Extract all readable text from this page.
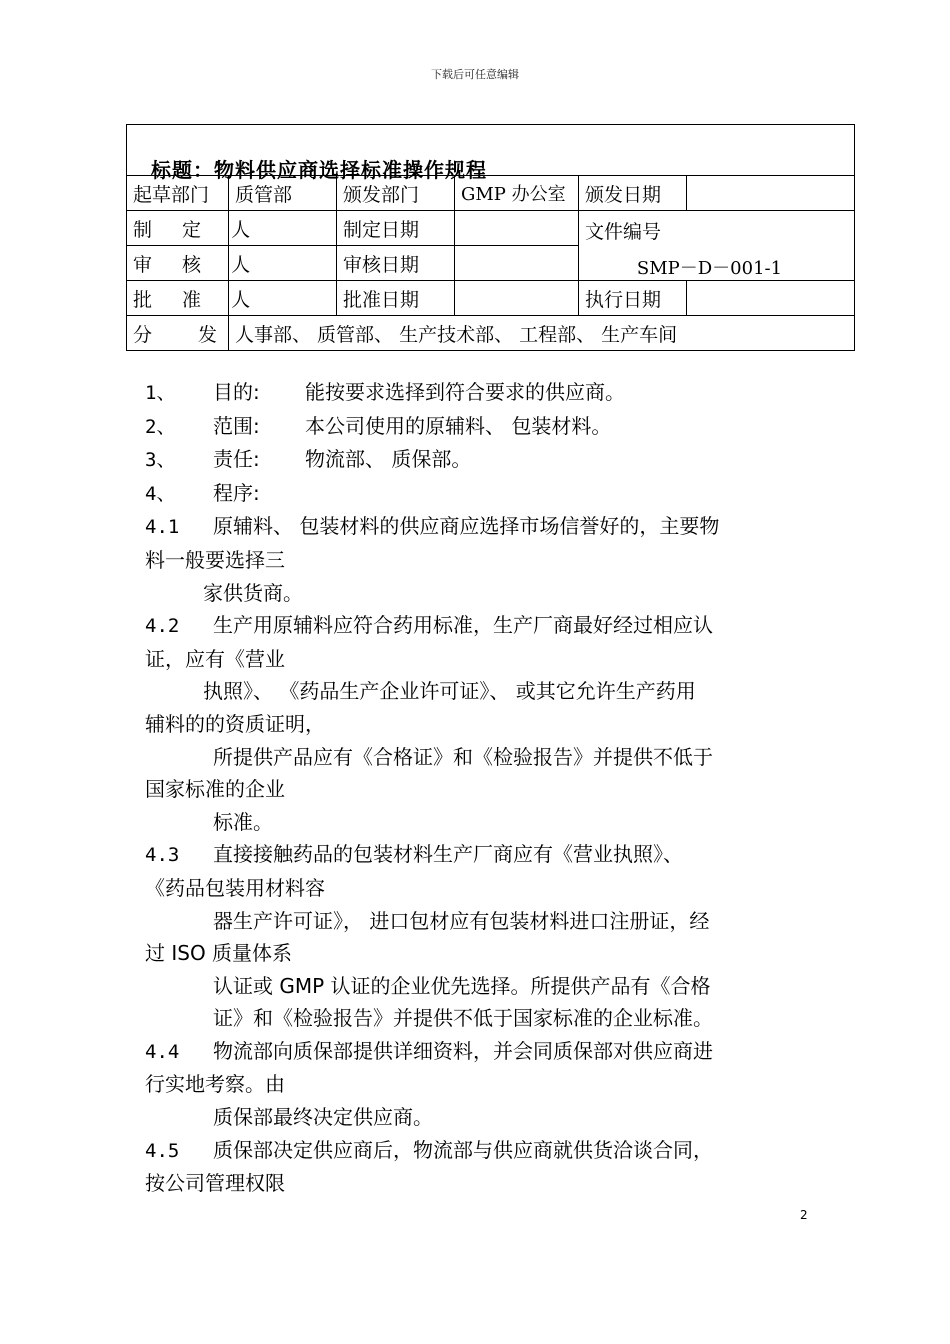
下载后可任意编辑
标题：物料供应商选择标准操作规程					

起草部门	质管部	颁发部门	GMP 办公室	颁发日期	
制 定 人		制定日期		文件编号
SMP－D－001-1	

审 核 人		审核日期			
批 准 人		批准日期		执行日期	
分 发	人事部、 质管部、 生产技术部、 工程部、 生产车间				

1、 目的: 能按要求选择到符合要求的供应商。

2、 范围: 本公司使用的原辅料、 包装材料。

3、 责任: 物流部、 质保部。

4、 程序:

4.1 原辅料、 包装材料的供应商应选择市场信誉好的，主要物

料一般要选择三

家供货商。

4.2 生产用原辅料应符合药用标准，生产厂商最好经过相应认

证，应有《营业

执照》、 《药品生产企业许可证》、 或其它允许生产药用

辅料的的资质证明，

所提供产品应有《合格证》和《检验报告》并提供不低于

国家标准的企业

标准。

4.3 直接接触药品的包装材料生产厂商应有《营业执照》、

《药品包装用材料容

器生产许可证》， 进口包材应有包装材料进口注册证，经

过 ISO 质量体系

认证或 GMP 认证的企业优先选择。所提供产品有《合格

证》和《检验报告》并提供不低于国家标准的企业标准。

4.4 物流部向质保部提供详细资料，并会同质保部对供应商进

行实地考察。由

质保部最终决定供应商。

4.5 质保部决定供应商后，物流部与供应商就供货洽谈合同，

按公司管理权限

2
